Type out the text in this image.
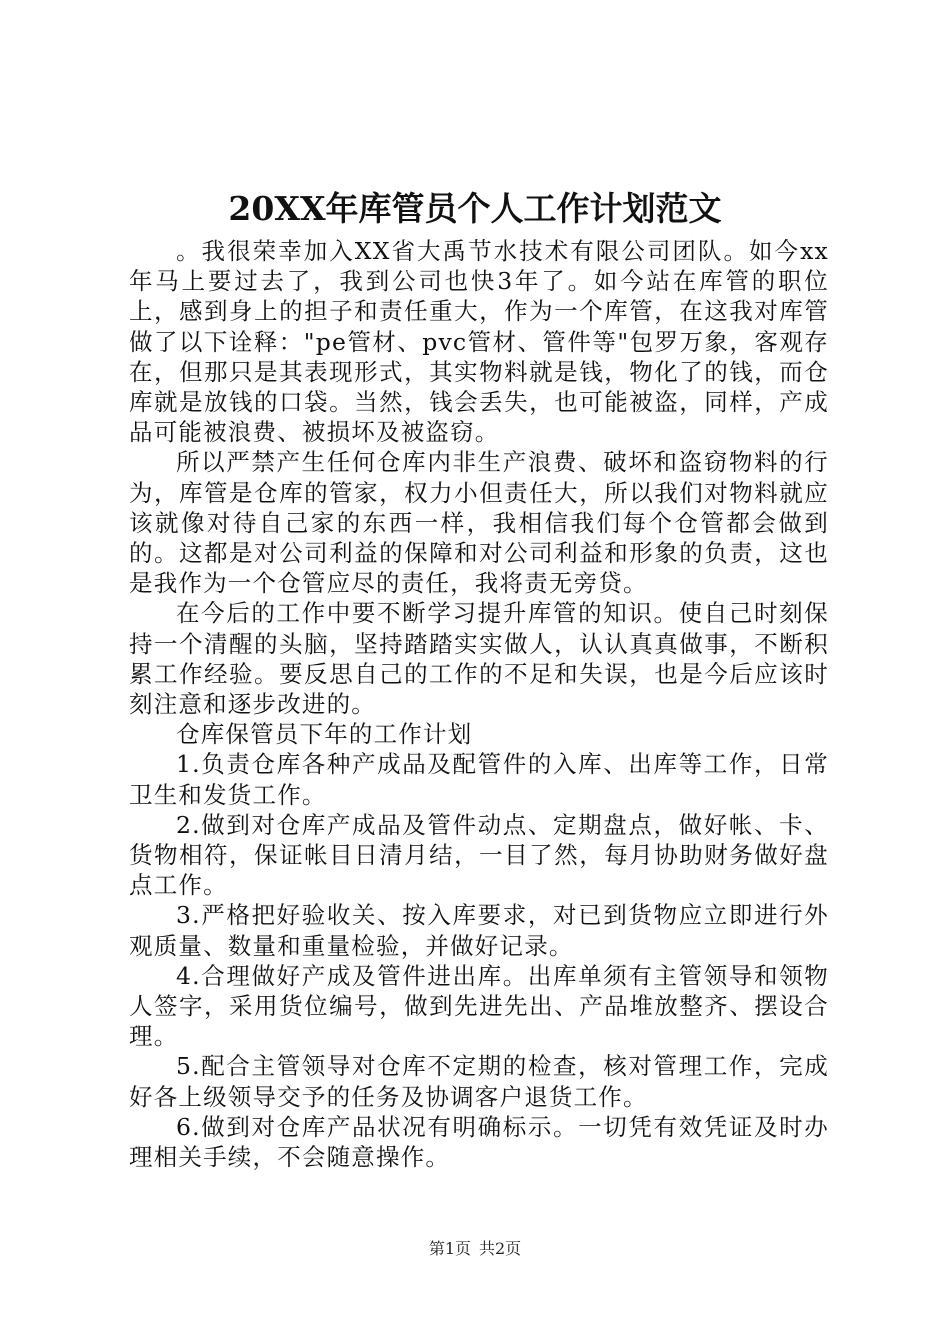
20XX年库管员个人工作计划范文

。我很荣幸加入XX省大禹节水技术有限公司团队。如今xx年马上要过去了，我到公司也快3年了。如今站在库管的职位上，感到身上的担子和责任重大，作为一个库管，在这我对库管做了以下诠释："pe管材、pvc管材、管件等"包罗万象，客观存在，但那只是其表现形式，其实物料就是钱，物化了的钱，而仓库就是放钱的口袋。当然，钱会丢失，也可能被盗，同样，产成品可能被浪费、被损坏及被盗窃。

所以严禁产生任何仓库内非生产浪费、破坏和盗窃物料的行为，库管是仓库的管家，权力小但责任大，所以我们对物料就应该就像对待自己家的东西一样，我相信我们每个仓管都会做到的。这都是对公司利益的保障和对公司利益和形象的负责，这也是我作为一个仓管应尽的责任，我将责无旁贷。

在今后的工作中要不断学习提升库管的知识。使自己时刻保持一个清醒的头脑，坚持踏踏实实做人，认认真真做事，不断积累工作经验。要反思自己的工作的不足和失误，也是今后应该时刻注意和逐步改进的。

仓库保管员下年的工作计划

1.负责仓库各种产成品及配管件的入库、出库等工作，日常卫生和发货工作。

2.做到对仓库产成品及管件动点、定期盘点，做好帐、卡、货物相符，保证帐目日清月结，一目了然，每月协助财务做好盘点工作。

3.严格把好验收关、按入库要求，对已到货物应立即进行外观质量、数量和重量检验，并做好记录。

4.合理做好产成及管件进出库。出库单须有主管领导和领物人签字，采用货位编号，做到先进先出、产品堆放整齐、摆设合理。

5.配合主管领导对仓库不定期的检查，核对管理工作，完成好各上级领导交予的任务及协调客户退货工作。

6.做到对仓库产品状况有明确标示。一切凭有效凭证及时办理相关手续，不会随意操作。

第1页 共2页
